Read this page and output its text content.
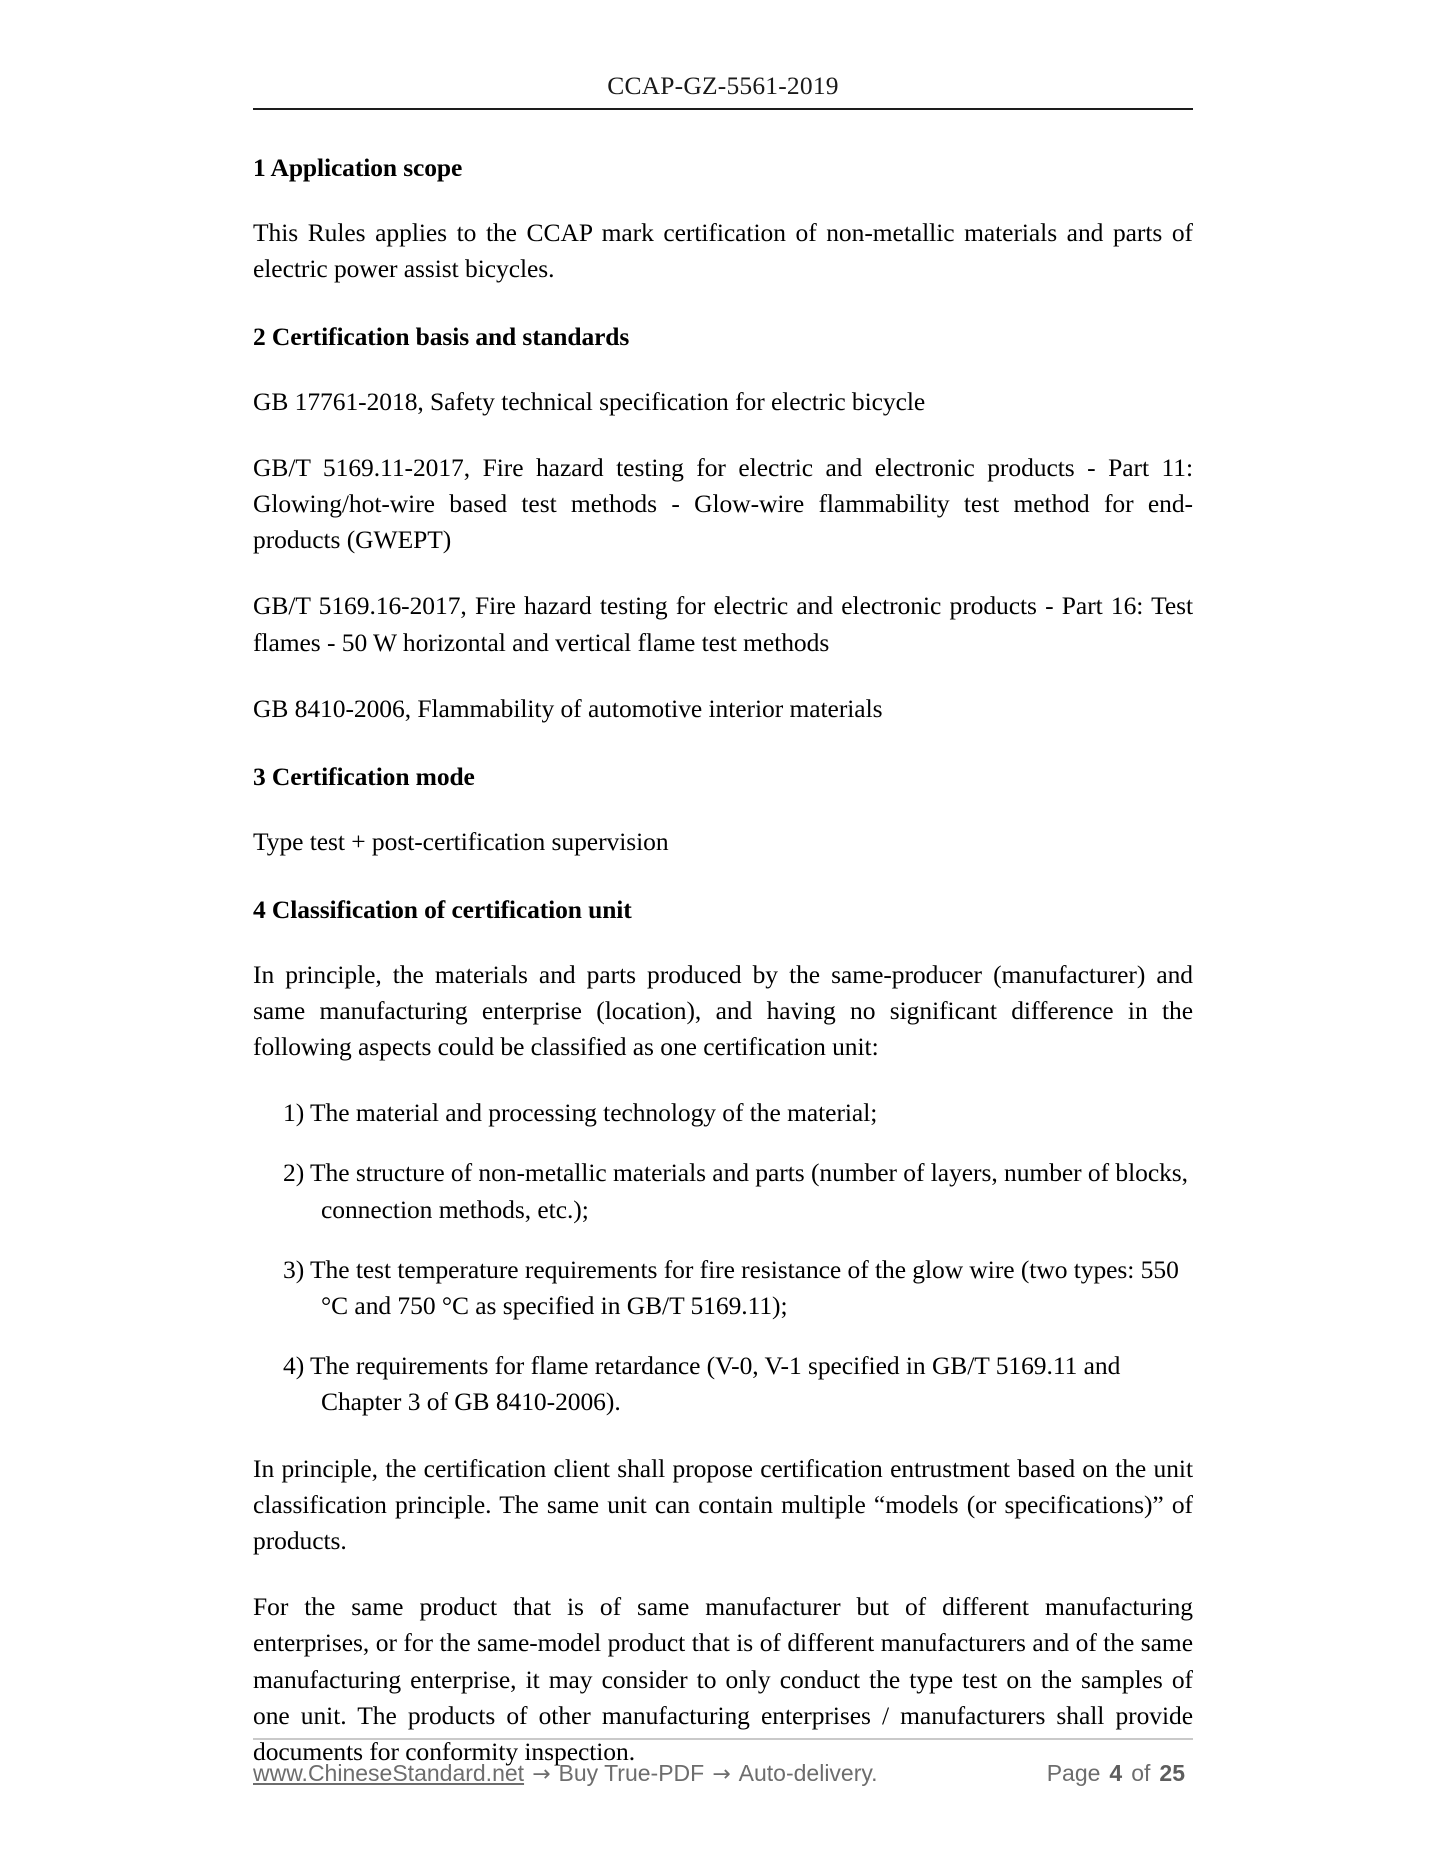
CCAP-GZ-5561-2019
1 Application scope

This Rules applies to the CCAP mark certification of non-metallic materials and parts of electric power assist bicycles.

2 Certification basis and standards

GB 17761-2018, Safety technical specification for electric bicycle

GB/T 5169.11-2017, Fire hazard testing for electric and electronic products - Part 11: Glowing/hot-wire based test methods - Glow-wire flammability test method for end-products (GWEPT)

GB/T 5169.16-2017, Fire hazard testing for electric and electronic products - Part 16: Test flames - 50 W horizontal and vertical flame test methods

GB 8410-2006, Flammability of automotive interior materials

3 Certification mode

Type test + post-certification supervision

4 Classification of certification unit

In principle, the materials and parts produced by the same-producer (manufacturer) and same manufacturing enterprise (location), and having no significant difference in the following aspects could be classified as one certification unit:

1) The material and processing technology of the material;
2) The structure of non-metallic materials and parts (number of layers, number of blocks, connection methods, etc.);
3) The test temperature requirements for fire resistance of the glow wire (two types: 550 °C and 750 °C as specified in GB/T 5169.11);
4) The requirements for flame retardance (V-0, V-1 specified in GB/T 5169.11 and Chapter 3 of GB 8410-2006).

In principle, the certification client shall propose certification entrustment based on the unit classification principle. The same unit can contain multiple “models (or specifications)” of products.

For the same product that is of same manufacturer but of different manufacturing enterprises, or for the same-model product that is of different manufacturers and of the same manufacturing enterprise, it may consider to only conduct the type test on the samples of one unit. The products of other manufacturing enterprises / manufacturers shall provide documents for conformity inspection.

www.ChineseStandard.net → Buy True-PDF → Auto-delivery.	Page 4 of 25
